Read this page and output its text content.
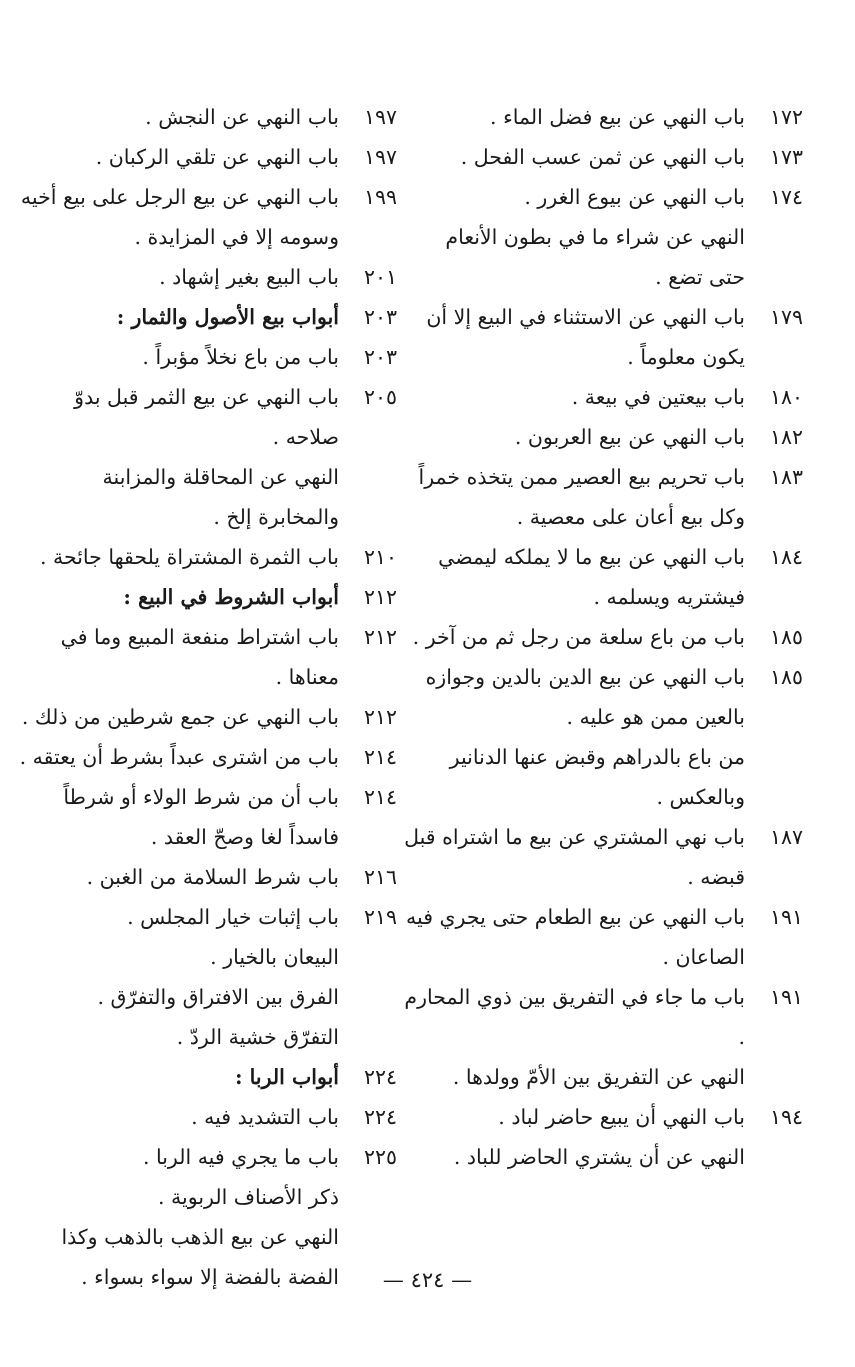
١٧٢
باب النهي عن بيع فضل الماء .
١٧٣
باب النهي عن ثمن عسب الفحل .
١٧٤
باب النهي عن بيوع الغرر .
النهي عن شراء ما في بطون الأنعام حتى تضع .
١٧٩
باب النهي عن الاستثناء في البيع إلا أن يكون معلوماً .
١٨٠
باب بيعتين في بيعة .
١٨٢
باب النهي عن بيع العربون .
١٨٣
باب تحريم بيع العصير ممن يتخذه خمراً وكل بيع أعان على معصية .
١٨٤
باب النهي عن بيع ما لا يملكه ليمضي فيشتريه ويسلمه .
١٨٥
باب من باع سلعة من رجل ثم من آخر .
١٨٥
باب النهي عن بيع الدين بالدين وجوازه بالعين ممن هو عليه .
من باع بالدراهم وقبض عنها الدنانير وبالعكس .
١٨٧
باب نهي المشتري عن بيع ما اشتراه قبل قبضه .
١٩١
باب النهي عن بيع الطعام حتى يجري فيه الصاعان .
١٩١
باب ما جاء في التفريق بين ذوي المحارم .
النهي عن التفريق بين الأمّ وولدها .
١٩٤
باب النهي أن يبيع حاضر لباد .
النهي عن أن يشتري الحاضر للباد .
١٩٧
باب النهي عن النجش .
١٩٧
باب النهي عن تلقي الركبان .
١٩٩
باب النهي عن بيع الرجل على بيع أخيه وسومه إلا في المزايدة .
٢٠١
باب البيع بغير إشهاد .
٢٠٣
أبواب بيع الأصول والثمار :
٢٠٣
باب من باع نخلاً مؤبراً .
٢٠٥
باب النهي عن بيع الثمر قبل بدوّ صلاحه .
النهي عن المحاقلة والمزابنة والمخابرة إلخ .
٢١٠
باب الثمرة المشتراة يلحقها جائحة .
٢١٢
أبواب الشروط في البيع :
٢١٢
باب اشتراط منفعة المبيع وما في معناها .
٢١٢
باب النهي عن جمع شرطين من ذلك .
٢١٤
باب من اشترى عبداً بشرط أن يعتقه .
٢١٤
باب أن من شرط الولاء أو شرطاً فاسداً لغا وصحّ العقد .
٢١٦
باب شرط السلامة من الغبن .
٢١٩
باب إثبات خيار المجلس .
البيعان بالخيار .
الفرق بين الافتراق والتفرّق .
التفرّق خشية الردّ .
٢٢٤
أبواب الربا :
٢٢٤
باب التشديد فيه .
٢٢٥
باب ما يجري فيه الربا .
ذكر الأصناف الربوية .
النهي عن بيع الذهب بالذهب وكذا الفضة بالفضة إلا سواء بسواء .	— ٤٢٤ —
